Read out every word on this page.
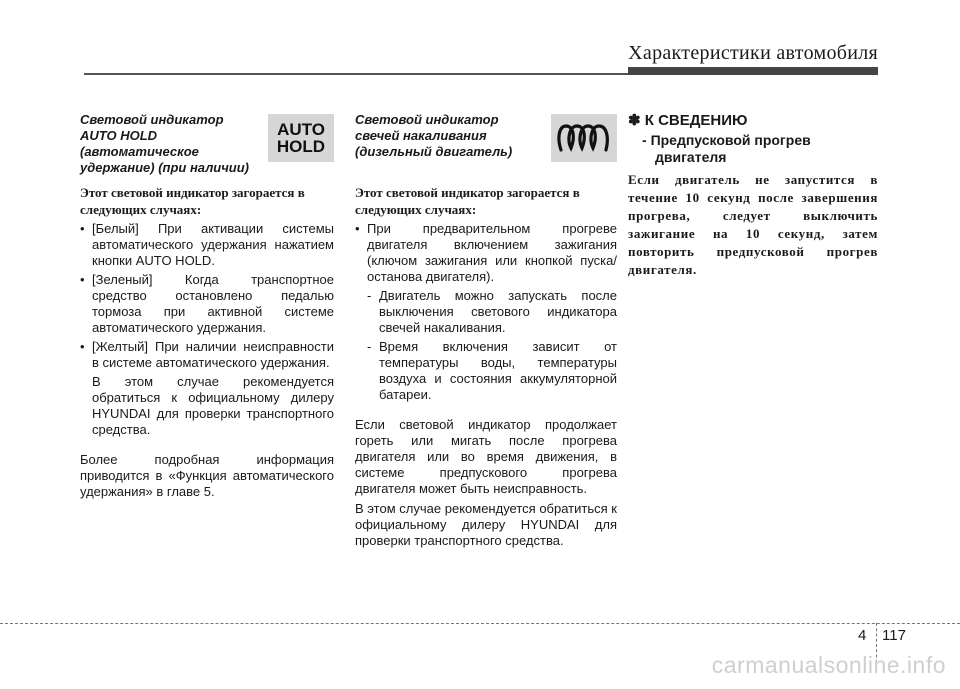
Характеристики автомобиля
Световой индикатор
AUTO HOLD
(автоматическое
удержание) (при наличии)
AUTO
HOLD

Этот световой индикатор загорается в следующих случаях:

• [Белый] При активации системы автоматического удержания нажатием кнопки AUTO HOLD.
• [Зеленый] Когда транспортное средство остановлено педалью тормоза при активной системе автоматического удержания.
• [Желтый] При наличии неисправности в системе автоматического удержания.

В этом случае рекомендуется обратиться к официальному дилеру HYUNDAI для проверки транспортного средства.

Более подробная информация приводится в «Функция автоматического удержания» в главе 5.

Световой индикатор
свечей накаливания
(дизельный двигатель)

Этот световой индикатор загорается в следующих случаях:

• При предварительном прогреве двигателя включением зажигания (ключом зажигания или кнопкой пуска/останова двигателя).
- Двигатель можно запускать после выключения светового индикатора свечей накаливания.
- Время включения зависит от температуры воды, температуры воздуха и состояния аккумуляторной батареи.

Если световой индикатор продолжает гореть или мигать после прогрева двигателя или во время движения, в системе предпускового прогрева двигателя может быть неисправность.

В этом случае рекомендуется обратиться к официальному дилеру HYUNDAI для проверки транспортного средства.

✽ К СВЕДЕНИЮ
- Предпусковой прогрев
двигателя

Если двигатель не запустится в течение 10 секунд после завершения прогрева, следует выключить зажигание на 10 секунд, затем повторить предпусковой прогрев двигателя.

4 117
carmanualsonline.info
